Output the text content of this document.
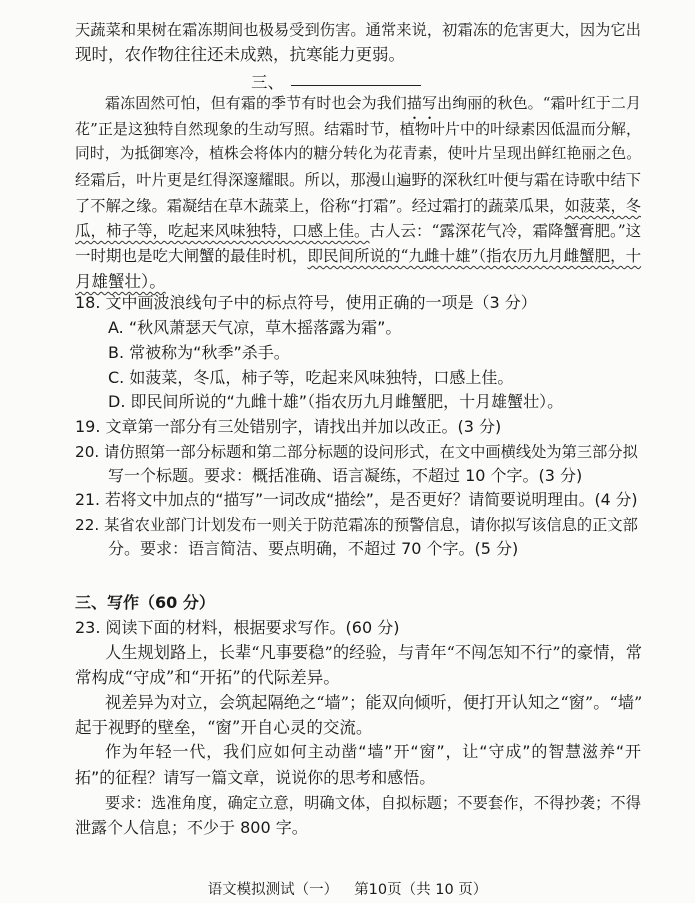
天蔬菜和果树在霜冻期间也极易受到伤害。通常来说，初霜冻的危害更大，因为它出
现时，农作物往往还未成熟，抗寒能力更弱。
三、
霜冻固然可怕，但有霜的季节有时也会为我们描写出绚丽的秋色。“霜叶红于二月
花”正是这独特自然现象的生动写照。结霜时节，植物叶片中的叶绿素因低温而分解，
同时，为抵御寒冷，植株会将体内的糖分转化为花青素，使叶片呈现出鲜红艳丽之色。
经霜后，叶片更是红得深邃耀眼。所以，那漫山遍野的深秋红叶便与霜在诗歌中结下
了不解之缘。霜凝结在草木蔬菜上，俗称“打霜”。经过霜打的蔬菜瓜果，如菠菜，冬
瓜，柿子等，吃起来风味独特，口感上佳。古人云：“露深花气冷，霜降蟹膏肥。”这
一时期也是吃大闸蟹的最佳时机，即民间所说的“九雌十雄”（指农历九月雌蟹肥，十
月雄蟹壮）。
18. 文中画波浪线句子中的标点符号，使用正确的一项是（3 分）
A. “秋风萧瑟天气凉，草木摇落露为霜”。
B. 常被称为“秋季”杀手。
C. 如菠菜，冬瓜，柿子等，吃起来风味独特，口感上佳。
D. 即民间所说的“九雌十雄”（指农历九月雌蟹肥，十月雄蟹壮）。
19. 文章第一部分有三处错别字，请找出并加以改正。(3 分)
20. 请仿照第一部分标题和第二部分标题的设问形式，在文中画横线处为第三部分拟
写一个标题。要求：概括准确、语言凝练，不超过 10 个字。(3 分)
21. 若将文中加点的“描写”一词改成“描绘”，是否更好？请简要说明理由。(4 分)
22. 某省农业部门计划发布一则关于防范霜冻的预警信息，请你拟写该信息的正文部
分。要求：语言简洁、要点明确，不超过 70 个字。(5 分)
三、写作（60 分）
23. 阅读下面的材料，根据要求写作。(60 分)
人生规划路上，长辈“凡事要稳”的经验，与青年“不闯怎知不行”的豪情，常
常构成“守成”和“开拓”的代际差异。
视差异为对立，会筑起隔绝之“墙”；能双向倾听，便打开认知之“窗”。“墙”
起于视野的壁垒，“窗”开自心灵的交流。
作为年轻一代，我们应如何主动凿“墙”开“窗”，让“守成”的智慧滋养“开
拓”的征程？请写一篇文章，说说你的思考和感悟。
要求：选准角度，确定立意，明确文体，自拟标题；不要套作，不得抄袭；不得
泄露个人信息；不少于 800 字。
语文模拟测试（一） 第10页（共 10 页）
